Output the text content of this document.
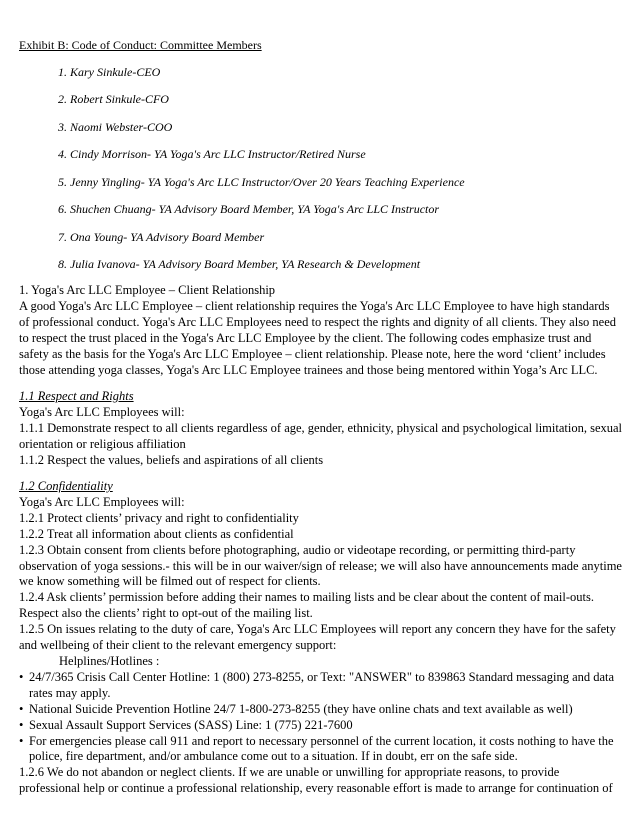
Exhibit B: Code of Conduct: Committee Members
1. Kary Sinkule-CEO
2. Robert Sinkule-CFO
3. Naomi Webster-COO
4. Cindy Morrison- YA Yoga's Arc LLC Instructor/Retired Nurse
5. Jenny Yingling- YA Yoga's Arc LLC Instructor/Over 20 Years Teaching Experience
6. Shuchen Chuang- YA Advisory Board Member, YA Yoga's Arc LLC Instructor
7. Ona Young- YA Advisory Board Member
8. Julia Ivanova- YA Advisory Board Member, YA Research & Development

1. Yoga's Arc LLC Employee – Client Relationship

A good Yoga's Arc LLC Employee – client relationship requires the Yoga's Arc LLC Employee to have high standards of professional conduct. Yoga's Arc LLC Employees need to respect the rights and dignity of all clients. They also need to respect the trust placed in the Yoga's Arc LLC Employee by the client. The following codes emphasize trust and safety as the basis for the Yoga's Arc LLC Employee – client relationship. Please note, here the word ‘client’ includes those attending yoga classes, Yoga's Arc LLC Employee trainees and those being mentored within Yoga’s Arc LLC.

1.1 Respect and Rights

Yoga's Arc LLC Employees will:

1.1.1 Demonstrate respect to all clients regardless of age, gender, ethnicity, physical and psychological limitation, sexual orientation or religious affiliation

1.1.2 Respect the values, beliefs and aspirations of all clients

1.2 Confidentiality

Yoga's Arc LLC Employees will:

1.2.1 Protect clients’ privacy and right to confidentiality

1.2.2 Treat all information about clients as confidential

1.2.3 Obtain consent from clients before photographing, audio or videotape recording, or permitting third-party observation of yoga sessions.- this will be in our waiver/sign of release; we will also have announcements made anytime we know something will be filmed out of respect for clients.

1.2.4 Ask clients’ permission before adding their names to mailing lists and be clear about the content of mail-outs. Respect also the clients’ right to opt-out of the mailing list.

1.2.5 On issues relating to the duty of care, Yoga's Arc LLC Employees will report any concern they have for the safety and wellbeing of their client to the relevant emergency support:

Helplines/Hotlines :

• 24/7/365 Crisis Call Center Hotline: 1 (800) 273-8255, or Text: "ANSWER" to 839863 Standard messaging and data rates may apply.

• National Suicide Prevention Hotline 24/7 1-800-273-8255 (they have online chats and text available as well)

• Sexual Assault Support Services (SASS) Line: 1 (775) 221-7600

• For emergencies please call 911 and report to necessary personnel of the current location, it costs nothing to have the police, fire department, and/or ambulance come out to a situation. If in doubt, err on the safe side.

1.2.6 We do not abandon or neglect clients. If we are unable or unwilling for appropriate reasons, to provide professional help or continue a professional relationship, every reasonable effort is made to arrange for continuation of
